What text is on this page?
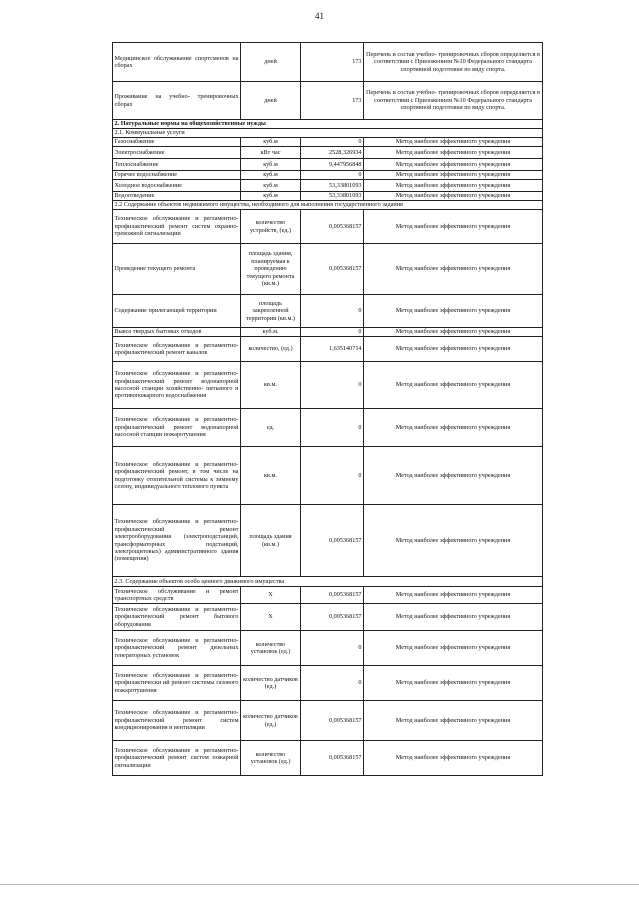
41
Медицинское обслуживание спортсменов на сборах	дней	173	Перечень и состав учебно- тренировочных сборов определяется в соответствии с Приложением №10 Федерального стандарта спортивной подготовки по виду спорта.
Проживание на учебно- тренировочных сборах	дней	173	Перечень и состав учебно- тренировочных сборов определяется в соответствии с Приложением №10 Федерального стандарта спортивной подготовки по виду спорта.
2. Натуральные нормы на общехозяйственные нужды			
2.1. Коммунальные услуги			
Газоснабжение	куб.м	0	Метод наиболее эффективного учреждения
Электроснабжение	кВт час	2528,326934	Метод наиболее эффективного учреждения
Теплоснабжение	куб.м	9,447956848	Метод наиболее эффективного учреждения
Горячее водоснабжение	куб.м	0	Метод наиболее эффективного учреждения
Холодное водоснабжение	куб.м	53,33801093	Метод наиболее эффективного учреждения
Водоотведение	куб.м	53,33801093	Метод наиболее эффективного учреждения
2.2 Содержание объектов недвижимого имущества, необходимого для выполнения государственного задания			
Техническое обслуживание и регламентно- профилактический ремонт систем охранно- тревожной сигнализации	количество устройств, (ед.)	0,005368157	Метод наиболее эффективного учреждения
Проведение текущего ремонта	площадь здания, планируемая к проведению текущего ремонта (кв.м.)	0,005368157	Метод наиболее эффективного учреждения
Содержание прилегающей территории	площадь закрепленной территории (кв.м.)	0	Метод наиболее эффективного учреждения
Вывоз твердых бытовых отходов	куб.м.	0	Метод наиболее эффективного учреждения
Техническое обслуживание и регламентно- профилактический ремонт каналов	количество, (ед.)	1,635140714	Метод наиболее эффективного учреждения
Техническое обслуживание и регламентно- профилактический ремонт водонапорной насосной станции хозяйственно- питьевого и противопожарного водоснабжения	кв.м.	0	Метод наиболее эффективного учреждения
Техническое обслуживание и регламентно- профилактический ремонт водонапорной насосной станции пожаротушения	ед.	0	Метод наиболее эффективного учреждения
Техническое обслуживание и регламентно- профилактический ремонт, в том числе на подготовку отопительной системы к зимнему сезону, индивидуального теплового пункта	кв.м.	0	Метод наиболее эффективного учреждения
Техническое обслуживание и регламентно- профилактический ремонт электрооборудования (электроподстанций, трансформаторных подстанций, электрощитовых) административного здания (помещения)	площадь здания (кв.м.)	0,005368157	Метод наиболее эффективного учреждения
2.3. Содержание объектов особо ценного движимого имущества			
Техническое обслуживание и ремонт транспортных средств	Х	0,005368157	Метод наиболее эффективного учреждения
Техническое обслуживание и регламентно- профилактический ремонт бытового оборудования	Х	0,005368157	Метод наиболее эффективного учреждения
Техническое обслуживание и регламентно- профилактический ремонт дизельных генераторных установок	количество установок (ед.)	0	Метод наиболее эффективного учреждения
Техническое обслуживание и регламентно- профилактически ий ремонт системы газового пожаротушения	количество датчиков (ед.)	0	Метод наиболее эффективного учреждения
Техническое обслуживание и регламентно- профилактический ремонт систем кондиционирования и вентиляции	количество датчиков (ед.)	0,005368157	Метод наиболее эффективного учреждения
Техническое обслуживание и регламентно- профилактический ремонт систем пожарной сигнализации	количество установок (ед.)	0,005368157	Метод наиболее эффективного учреждения
